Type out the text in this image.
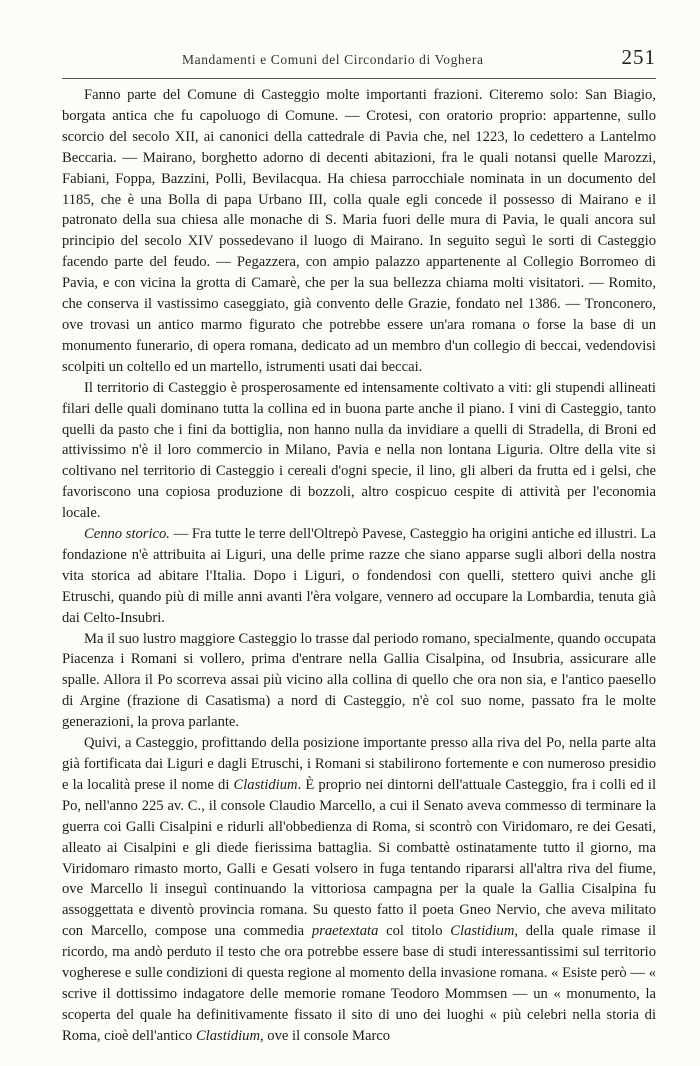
Mandamenti e Comuni del Circondario di Voghera	251

Fanno parte del Comune di Casteggio molte importanti frazioni. Citeremo solo: San Biagio, borgata antica che fu capoluogo di Comune. — Crotesi, con oratorio proprio: appartenne, sullo scorcio del secolo XII, ai canonici della cattedrale di Pavia che, nel 1223, lo cedettero a Lantelmo Beccaria. — Mairano, borghetto adorno di decenti abitazioni, fra le quali notansi quelle Marozzi, Fabiani, Foppa, Bazzini, Polli, Bevilacqua. Ha chiesa parrocchiale nominata in un documento del 1185, che è una Bolla di papa Urbano III, colla quale egli concede il possesso di Mairano e il patronato della sua chiesa alle monache di S. Maria fuori delle mura di Pavia, le quali ancora sul principio del secolo XIV possedevano il luogo di Mairano. In seguito seguì le sorti di Casteggio facendo parte del feudo. — Pegazzera, con ampio palazzo appartenente al Collegio Borromeo di Pavia, e con vicina la grotta di Camarè, che per la sua bellezza chiama molti visitatori. — Romito, che conserva il vastissimo caseggiato, già convento delle Grazie, fondato nel 1386. — Tronconero, ove trovasi un antico marmo figurato che potrebbe essere un'ara romana o forse la base di un monumento funerario, di opera romana, dedicato ad un membro d'un collegio di beccai, vedendovisi scolpiti un coltello ed un martello, istrumenti usati dai beccai.

Il territorio di Casteggio è prosperosamente ed intensamente coltivato a viti: gli stupendi allineati filari delle quali dominano tutta la collina ed in buona parte anche il piano. I vini di Casteggio, tanto quelli da pasto che i fini da bottiglia, non hanno nulla da invidiare a quelli di Stradella, di Broni ed attivissimo n'è il loro commercio in Milano, Pavia e nella non lontana Liguria. Oltre della vite si coltivano nel territorio di Casteggio i cereali d'ogni specie, il lino, gli alberi da frutta ed i gelsi, che favoriscono una copiosa produzione di bozzoli, altro cospicuo cespite di attività per l'economia locale.

Cenno storico. — Fra tutte le terre dell'Oltrepò Pavese, Casteggio ha origini antiche ed illustri. La fondazione n'è attribuita ai Liguri, una delle prime razze che siano apparse sugli albori della nostra vita storica ad abitare l'Italia. Dopo i Liguri, o fondendosi con quelli, stettero quivi anche gli Etruschi, quando più di mille anni avanti l'èra volgare, vennero ad occupare la Lombardia, tenuta già dai Celto-Insubri.

Ma il suo lustro maggiore Casteggio lo trasse dal periodo romano, specialmente, quando occupata Piacenza i Romani si vollero, prima d'entrare nella Gallia Cisalpina, od Insubria, assicurare alle spalle. Allora il Po scorreva assai più vicino alla collina di quello che ora non sia, e l'antico paesello di Argine (frazione di Casatisma) a nord di Casteggio, n'è col suo nome, passato fra le molte generazioni, la prova parlante.

Quivi, a Casteggio, profittando della posizione importante presso alla riva del Po, nella parte alta già fortificata dai Liguri e dagli Etruschi, i Romani si stabilirono fortemente e con numeroso presidio e la località prese il nome di Clastidium. È proprio nei dintorni dell'attuale Casteggio, fra i colli ed il Po, nell'anno 225 av. C., il console Claudio Marcello, a cui il Senato aveva commesso di terminare la guerra coi Galli Cisalpini e ridurli all'obbedienza di Roma, si scontrò con Viridomaro, re dei Gesati, alleato ai Cisalpini e gli diede fierissima battaglia. Si combattè ostinatamente tutto il giorno, ma Viridomaro rimasto morto, Galli e Gesati volsero in fuga tentando ripararsi all'altra riva del fiume, ove Marcello li inseguì continuando la vittoriosa campagna per la quale la Gallia Cisalpina fu assoggettata e diventò provincia romana. Su questo fatto il poeta Gneo Nervio, che aveva militato con Marcello, compose una commedia praetextata col titolo Clastidium, della quale rimase il ricordo, ma andò perduto il testo che ora potrebbe essere base di studi interessantissimi sul territorio vogherese e sulle condizioni di questa regione al momento della invasione romana. « Esiste però — « scrive il dottissimo indagatore delle memorie romane Teodoro Mommsen — un « monumento, la scoperta del quale ha definitivamente fissato il sito di uno dei luoghi « più celebri nella storia di Roma, cioè dell'antico Clastidium, ove il console Marco
